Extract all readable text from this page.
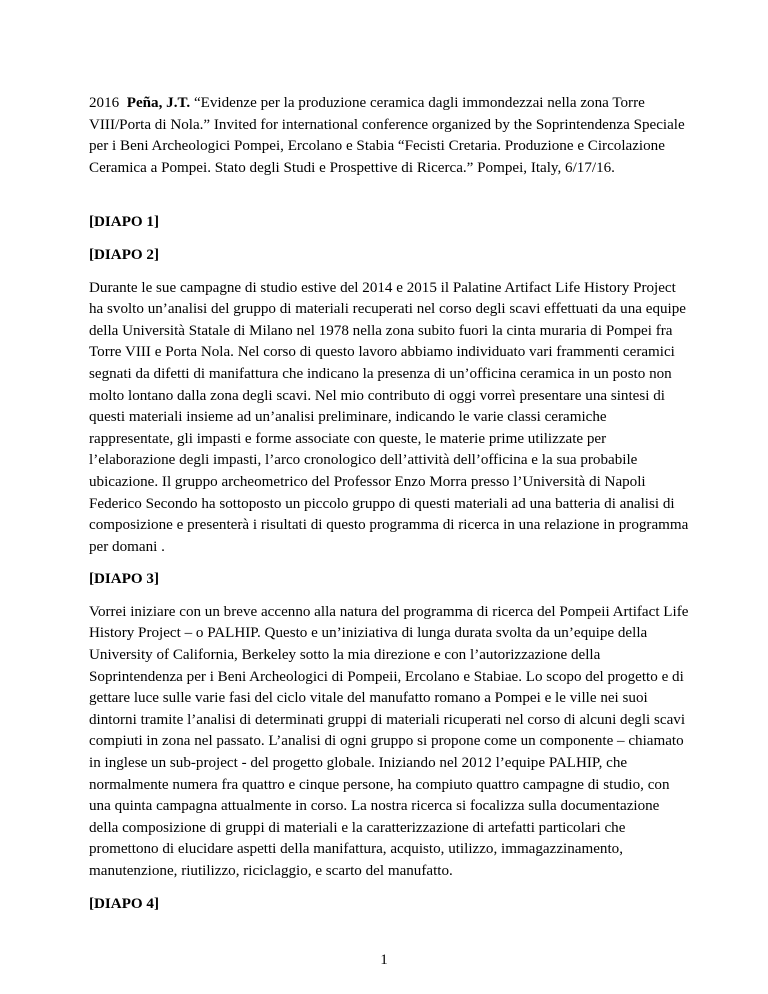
2016 Peña, J.T. “Evidenze per la produzione ceramica dagli immondezzai nella zona Torre VIII/Porta di Nola.” Invited for international conference organized by the Soprintendenza Speciale per i Beni Archeologici Pompei, Ercolano e Stabia “Fecisti Cretaria. Produzione e Circolazione Ceramica a Pompei. Stato degli Studi e Prospettive di Ricerca.” Pompei, Italy, 6/17/16.

[DIAPO 1]

[DIAPO 2]

Durante le sue campagne di studio estive del 2014 e 2015 il Palatine Artifact Life History Project ha svolto un’analisi del gruppo di materiali recuperati nel corso degli scavi effettuati da una equipe della Università Statale di Milano nel 1978 nella zona subito fuori la cinta muraria di Pompei fra Torre VIII e Porta Nola. Nel corso di questo lavoro abbiamo individuato vari frammenti ceramici segnati da difetti di manifattura che indicano la presenza di un’officina ceramica in un posto non molto lontano dalla zona degli scavi. Nel mio contributo di oggi vorreì presentare una sintesi di questi materiali insieme ad un’analisi preliminare, indicando le varie classi ceramiche rappresentate, gli impasti e forme associate con queste, le materie prime utilizzate per l’elaborazione degli impasti, l’arco cronologico dell’attività dell’officina e la sua probabile ubicazione. Il gruppo archeometrico del Professor Enzo Morra presso l’Università di Napoli Federico Secondo ha sottoposto un piccolo gruppo di questi materiali ad una batteria di analisi di composizione e presenterà i risultati di questo programma di ricerca in una relazione in programma per domani .

[DIAPO 3]

Vorrei iniziare con un breve accenno alla natura del programma di ricerca del Pompeii Artifact Life History Project – o PALHIP. Questo e un’iniziativa di lunga durata svolta da un’equipe della University of California, Berkeley sotto la mia direzione e con l’autorizzazione della Soprintendenza per i Beni Archeologici di Pompeii, Ercolano e Stabiae. Lo scopo del progetto e di gettare luce sulle varie fasi del ciclo vitale del manufatto romano a Pompei e le ville nei suoi dintorni tramite l’analisi di determinati gruppi di materiali ricuperati nel corso di alcuni degli scavi compiuti in zona nel passato. L’analisi di ogni gruppo si propone come un componente – chiamato in inglese un sub-project - del progetto globale. Iniziando nel 2012 l’equipe PALHIP, che normalmente numera fra quattro e cinque persone, ha compiuto quattro campagne di studio, con una quinta campagna attualmente in corso. La nostra ricerca si focalizza sulla documentazione della composizione di gruppi di materiali e la caratterizzazione di artefatti particolari che promettono di elucidare aspetti della manifattura, acquisto, utilizzo, immagazzinamento, manutenzione, riutilizzo, riciclaggio, e scarto del manufatto.

[DIAPO 4]

1
